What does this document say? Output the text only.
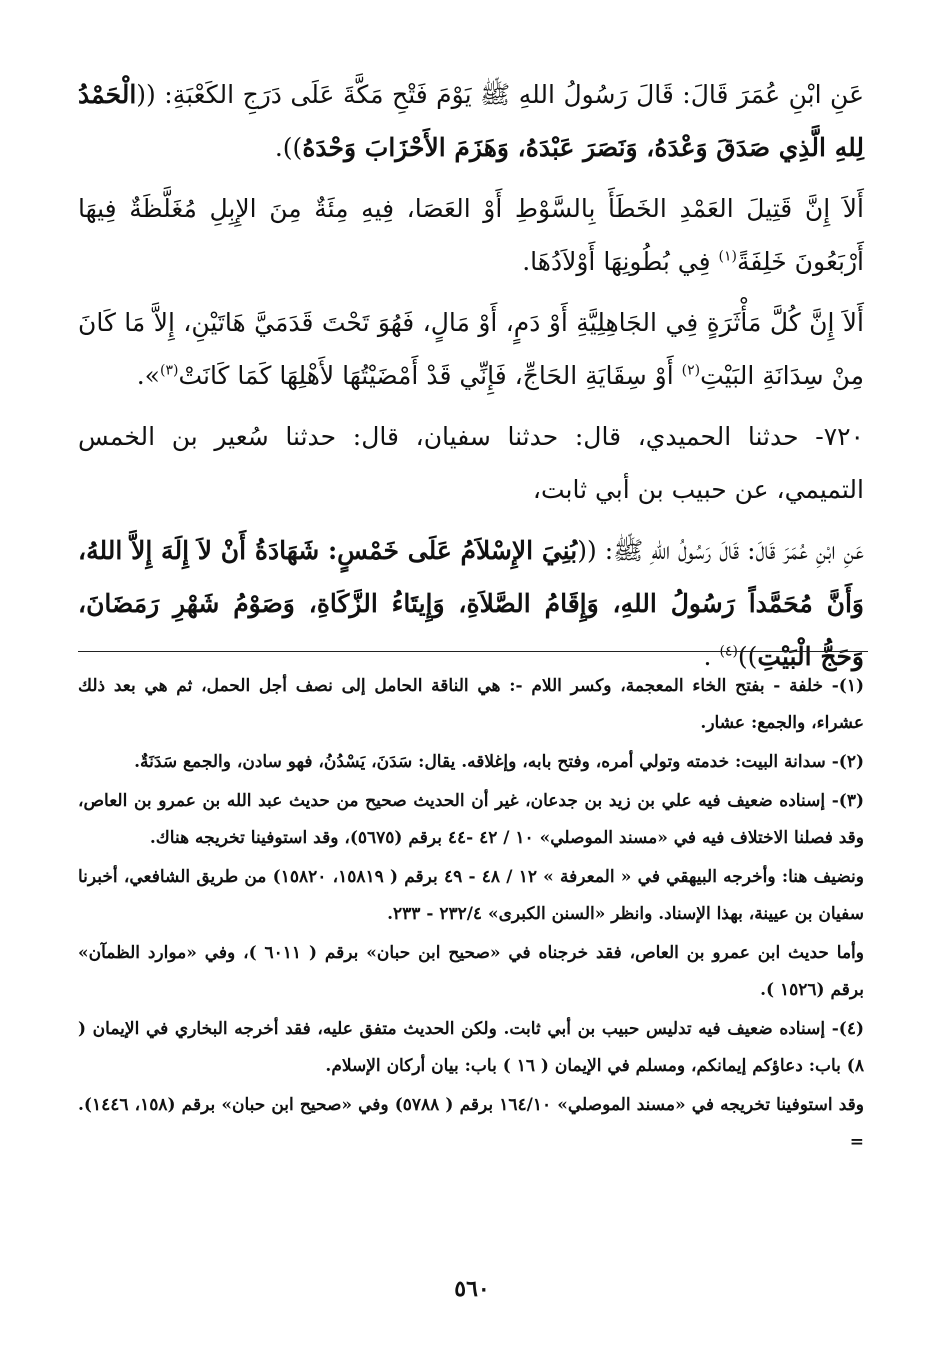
عَنِ ابْنِ عُمَرَ قَالَ: قَالَ رَسُولُ اللهِ ﷺ يَوْمَ فَتْحِ مَكَّةَ عَلَى دَرَجِ الكَعْبَةِ: ((الْحَمْدُ لِلهِ الَّذِي صَدَقَ وَعْدَهُ، وَنَصَرَ عَبْدَهُ، وَهَزَمَ الأَحْزَابَ وَحْدَهُ)).

أَلاَ إِنَّ قَتِيلَ العَمْدِ الخَطَأَ بِالسَّوْطِ أَوْ العَصَا، فِيهِ مِئَةٌ مِنَ الإِبِلِ مُغَلَّظَةٌ فِيهَا أَرْبَعُونَ خَلِفَةً$^{(١)}$ فِي بُطُونِهَا أَوْلاَدُهَا.

أَلاَ إِنَّ كُلَّ مَأْثَرَةٍ فِي الجَاهِلِيَّةِ أَوْ دَمٍ، أَوْ مَالٍ، فَهُوَ تَحْتَ قَدَمَيَّ هَاتَيْنِ، إِلاَّ مَا كَانَ مِنْ سِدَانَةِ البَيْتِ$^{(٢)}$ أَوْ سِقَايَةِ الحَاجِّ، فَإِنِّي قَدْ أَمْضَيْتُهَا لأَهْلِهَا كَمَا كَانَتْ$^{(٣)}$».

٧٢٠- حدثنا الحميدي، قال: حدثنا سفيان، قال: حدثنا سُعير بن الخمس التميمي، عن حبيب بن أبي ثابت،

عَنِ ابْنِ عُمَرَ قَالَ: قَالَ رَسُولُ اللهِ ﷺ: ((بُنِيَ الإِسْلاَمُ عَلَى خَمْسٍ: شَهَادَةُ أَنْ لاَ إِلَهَ إِلاَّ اللهُ، وَأَنَّ مُحَمَّداً رَسُولُ اللهِ، وَإِقَامُ الصَّلاَةِ، وَإِيتَاءُ الزَّكَاةِ، وَصَوْمُ شَهْرِ رَمَضَانَ، وَحَجُّ الْبَيْتِ))$^{(٤)}$ .

(١)- خلفة - بفتح الخاء المعجمة، وكسر اللام -: هي الناقة الحامل إلى نصف أجل الحمل، ثم هي بعد ذلك عشراء، والجمع: عشار.

(٢)- سدانة البيت: خدمته وتولي أمره، وفتح بابه، وإغلاقه. يقال: سَدَنَ، يَسْدُنُ، فهو سادن، والجمع سَدَنَةٌ.

(٣)- إسناده ضعيف فيه علي بن زيد بن جدعان، غير أن الحديث صحيح من حديث عبد الله بن عمرو بن العاص، وقد فصلنا الاختلاف فيه في «مسند الموصلي» ١٠ / ٤٢ -٤٤ برقم (٥٦٧٥)، وقد استوفينا تخريجه هناك.

ونضيف هنا: وأخرجه البيهقي في « المعرفة » ١٢ / ٤٨ - ٤٩ برقم ( ١٥٨١٩، ١٥٨٢٠) من طريق الشافعي، أخبرنا سفيان بن عيينة، بهذا الإسناد. وانظر «السنن الكبرى» ٢٣٢/٤ - ٢٣٣.

وأما حديث ابن عمرو بن العاص، فقد خرجناه في «صحيح ابن حبان» برقم ( ٦٠١١ )، وفي «موارد الظمآن» برقم (١٥٢٦ ).

(٤)- إسناده ضعيف فيه تدليس حبيب بن أبي ثابت. ولكن الحديث متفق عليه، فقد أخرجه البخاري في الإيمان ( ٨) باب: دعاؤكم إيمانكم، ومسلم في الإيمان ( ١٦ ) باب: بيان أركان الإسلام.

وقد استوفينا تخريجه في «مسند الموصلي» ١٦٤/١٠ برقم ( ٥٧٨٨) وفي «صحيح ابن حبان» برقم (١٥٨، ١٤٤٦). =

٥٦٠
